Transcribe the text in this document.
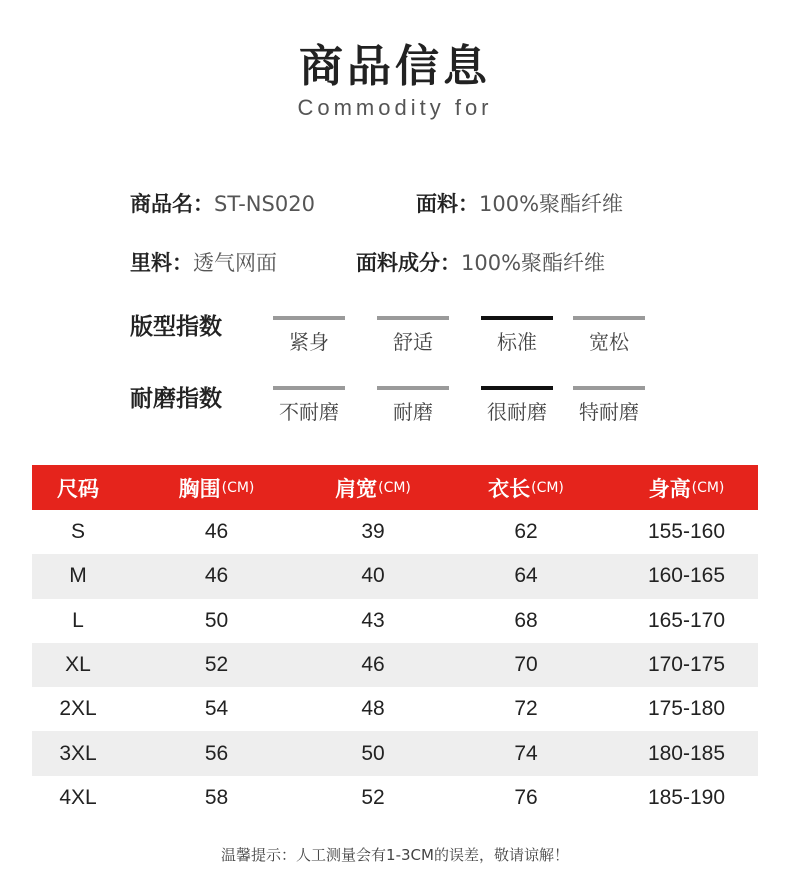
商品信息
Commodity for
商品名：ST-NS020	面料：100%聚酯纤维
里料：透气网面	面料成分：100%聚酯纤维
版型指数
紧身	舒适	标准	宽松
耐磨指数	不耐磨	耐磨	很耐磨	特耐磨
尺码	胸围 (CM)	肩宽 (CM)	衣长 (CM)	身高 (CM)
S	46	39	62	155-160
M	46	40	64	160-165
L	50	43	68	165-170
XL	52	46	70	170-175
2XL	54	48	72	175-180
3XL	56	50	74	180-185
4XL	58	52	76	185-190
温馨提示：人工测量会有1-3CM的误差，敬请谅解！
